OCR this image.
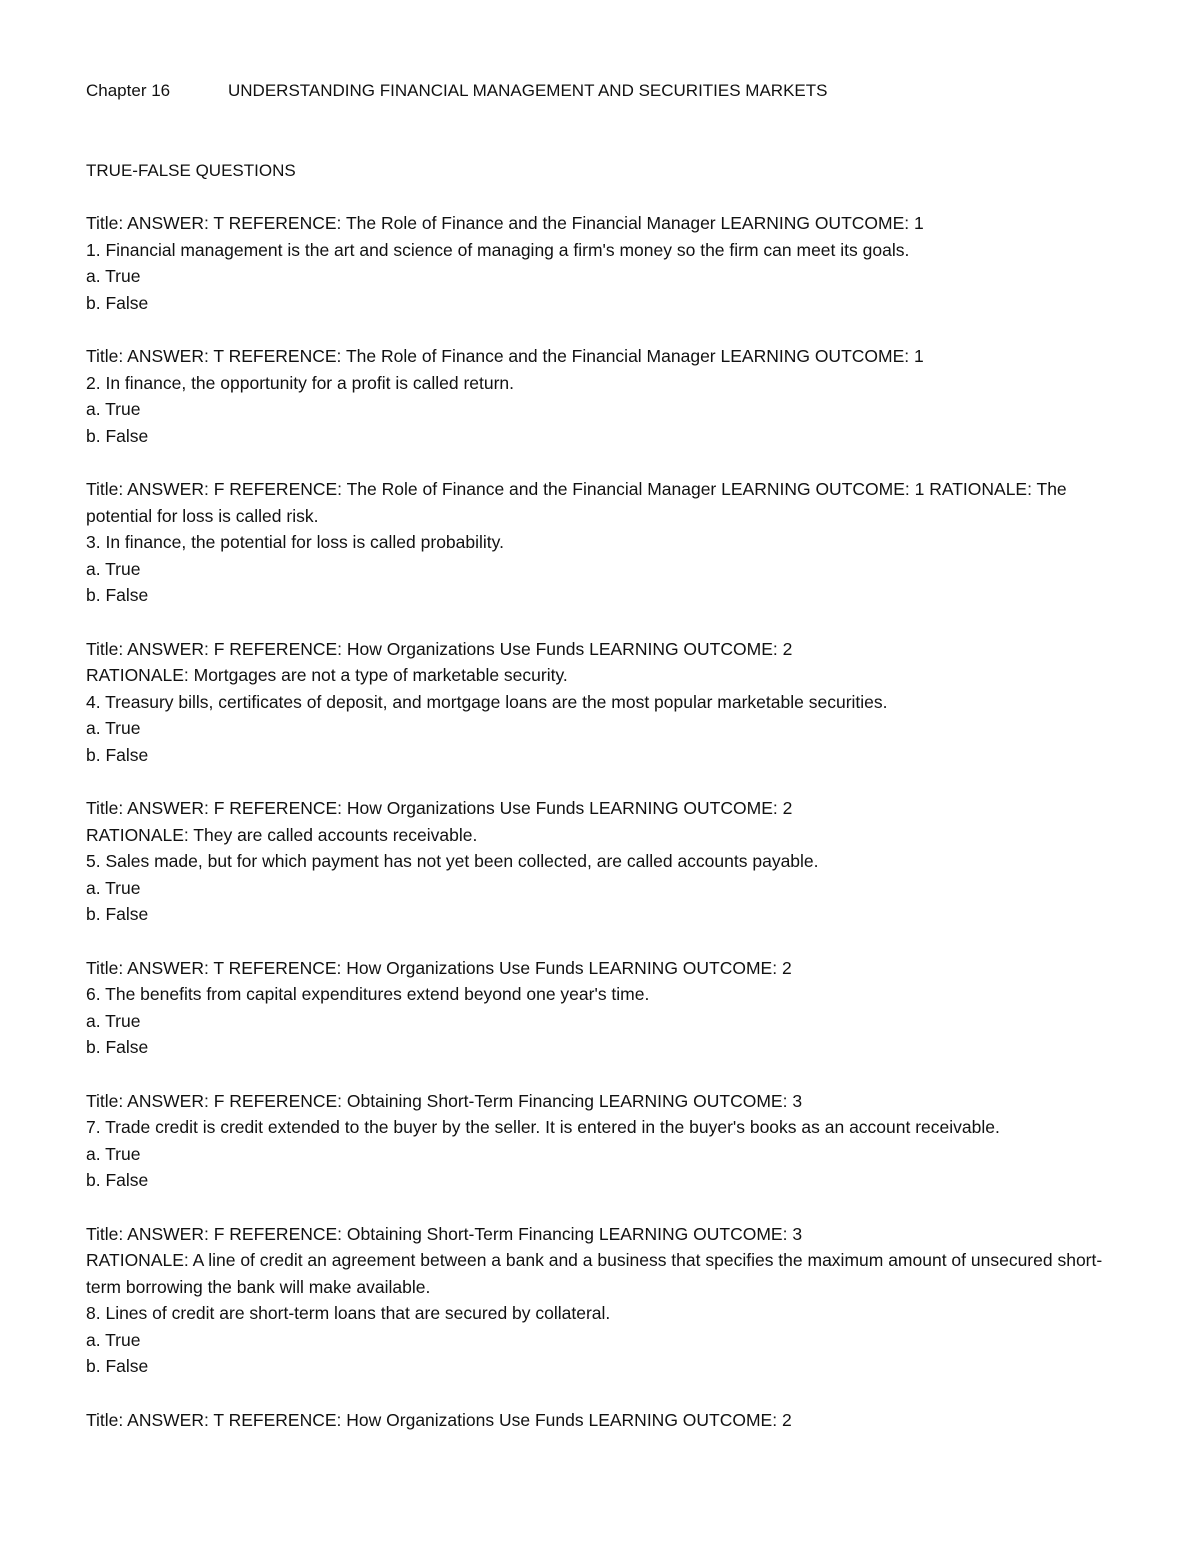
Chapter 16	UNDERSTANDING FINANCIAL MANAGEMENT AND SECURITIES MARKETS

TRUE-FALSE QUESTIONS
Title: ANSWER: T REFERENCE: The Role of Finance and the Financial Manager LEARNING OUTCOME: 1
1. Financial management is the art and science of managing a firm's money so the firm can meet its goals.
a. True
b. False
Title: ANSWER: T REFERENCE: The Role of Finance and the Financial Manager LEARNING OUTCOME: 1
2. In finance, the opportunity for a profit is called return.
a. True
b. False
Title: ANSWER: F REFERENCE: The Role of Finance and the Financial Manager LEARNING OUTCOME: 1 RATIONALE: The potential for loss is called risk.
3. In finance, the potential for loss is called probability.
a. True
b. False
Title: ANSWER: F REFERENCE: How Organizations Use Funds LEARNING OUTCOME: 2
RATIONALE: Mortgages are not a type of marketable security.
4. Treasury bills, certificates of deposit, and mortgage loans are the most popular marketable securities.
a. True
b. False
Title: ANSWER: F REFERENCE: How Organizations Use Funds LEARNING OUTCOME: 2
RATIONALE: They are called accounts receivable.
5. Sales made, but for which payment has not yet been collected, are called accounts payable.
a. True
b. False
Title: ANSWER: T REFERENCE: How Organizations Use Funds LEARNING OUTCOME: 2
6. The benefits from capital expenditures extend beyond one year's time.
a. True
b. False
Title: ANSWER: F REFERENCE: Obtaining Short-Term Financing LEARNING OUTCOME: 3
7. Trade credit is credit extended to the buyer by the seller. It is entered in the buyer's books as an account receivable.
a. True
b. False
Title: ANSWER: F REFERENCE: Obtaining Short-Term Financing LEARNING OUTCOME: 3
RATIONALE: A line of credit an agreement between a bank and a business that specifies the maximum amount of unsecured short-term borrowing the bank will make available.
8. Lines of credit are short-term loans that are secured by collateral.
a. True
b. False
Title: ANSWER: T REFERENCE: How Organizations Use Funds LEARNING OUTCOME: 2
